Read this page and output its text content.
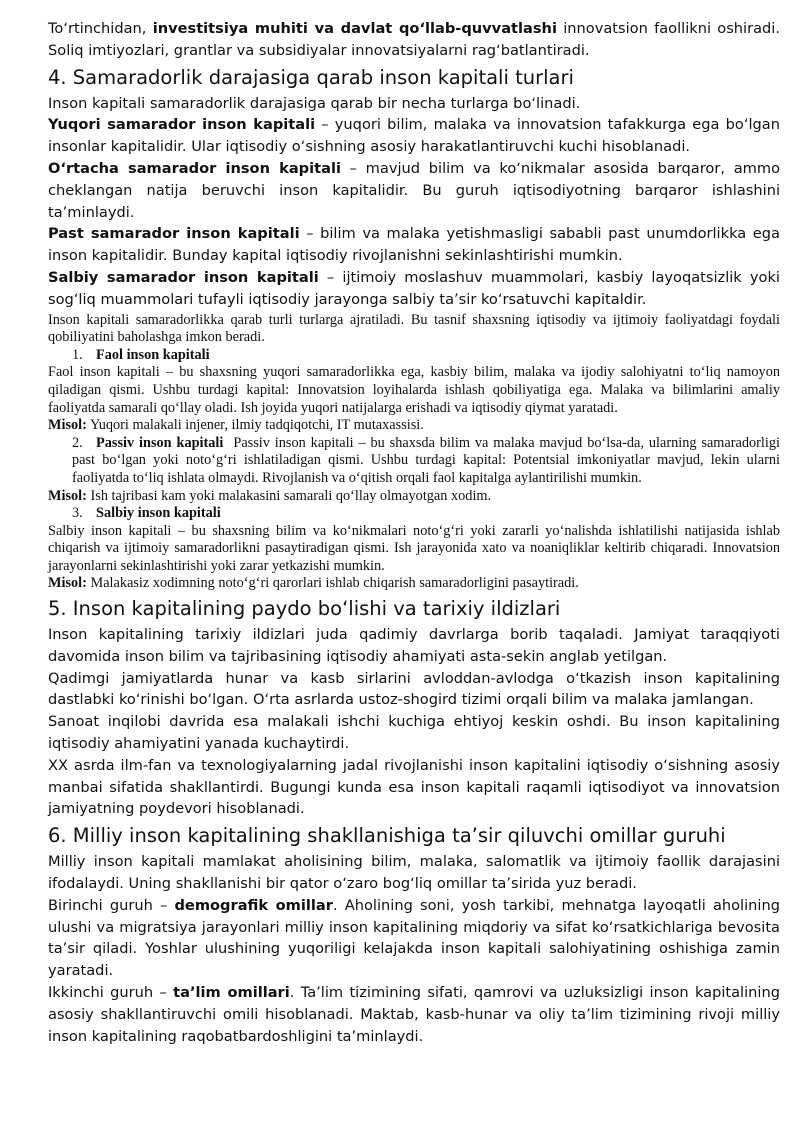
To‘rtinchidan, investitsiya muhiti va davlat qo‘llab-quvvatlashi innovatsion faollikni oshiradi. Soliq imtiyozlari, grantlar va subsidiyalar innovatsiyalarni rag‘batlantiradi.

4. Samaradorlik darajasiga qarab inson kapitali turlari

Inson kapitali samaradorlik darajasiga qarab bir necha turlarga bo‘linadi.

Yuqori samarador inson kapitali – yuqori bilim, malaka va innovatsion tafakkurga ega bo‘lgan insonlar kapitalidir. Ular iqtisodiy o‘sishning asosiy harakatlantiruvchi kuchi hisoblanadi.

O‘rtacha samarador inson kapitali – mavjud bilim va ko‘nikmalar asosida barqaror, ammo cheklangan natija beruvchi inson kapitalidir. Bu guruh iqtisodiyotning barqaror ishlashini ta’minlaydi.

Past samarador inson kapitali – bilim va malaka yetishmasligi sababli past unumdorlikka ega inson kapitalidir. Bunday kapital iqtisodiy rivojlanishni sekinlashtirishi mumkin.

Salbiy samarador inson kapitali – ijtimoiy moslashuv muammolari, kasbiy layoqatsizlik yoki sog‘liq muammolari tufayli iqtisodiy jarayonga salbiy ta’sir ko‘rsatuvchi kapitaldir.

Inson kapitali samaradorlikka qarab turli turlarga ajratiladi. Bu tasnif shaxsning iqtisodiy va ijtimoiy faoliyatdagi foydali qobiliyatini baholashga imkon beradi.

1. Faol inson kapitali

Faol inson kapitali – bu shaxsning yuqori samaradorlikka ega, kasbiy bilim, malaka va ijodiy salohiyatni to‘liq namoyon qiladigan qismi. Ushbu turdagi kapital: Innovatsion loyihalarda ishlash qobiliyatiga ega. Malaka va bilimlarini amaliy faoliyatda samarali qo‘llay oladi. Ish joyida yuqori natijalarga erishadi va iqtisodiy qiymat yaratadi.

Misol: Yuqori malakali injener, ilmiy tadqiqotchi, IT mutaxassisi.

2. Passiv inson kapitali Passiv inson kapitali – bu shaxsda bilim va malaka mavjud bo‘lsa-da, ularning samaradorligi past bo‘lgan yoki noto‘g‘ri ishlatiladigan qismi. Ushbu turdagi kapital: Potentsial imkoniyatlar mavjud, lekin ularni faoliyatda to‘liq ishlata olmaydi. Rivojlanish va o‘qitish orqali faol kapitalga aylantirilishi mumkin.

Misol: Ish tajribasi kam yoki malakasini samarali qo‘llay olmayotgan xodim.

3. Salbiy inson kapitali

Salbiy inson kapitali – bu shaxsning bilim va ko‘nikmalari noto‘g‘ri yoki zararli yo‘nalishda ishlatilishi natijasida ishlab chiqarish va ijtimoiy samaradorlikni pasaytiradigan qismi. Ish jarayonida xato va noaniqliklar keltirib chiqaradi. Innovatsion jarayonlarni sekinlashtirishi yoki zarar yetkazishi mumkin.

Misol: Malakasiz xodimning noto‘g‘ri qarorlari ishlab chiqarish samaradorligini pasaytiradi.

5. Inson kapitalining paydo bo‘lishi va tarixiy ildizlari

Inson kapitalining tarixiy ildizlari juda qadimiy davrlarga borib taqaladi. Jamiyat taraqqiyoti davomida inson bilim va tajribasining iqtisodiy ahamiyati asta-sekin anglab yetilgan.

Qadimgi jamiyatlarda hunar va kasb sirlarini avloddan-avlodga o‘tkazish inson kapitalining dastlabki ko‘rinishi bo‘lgan. O‘rta asrlarda ustoz-shogird tizimi orqali bilim va malaka jamlangan.

Sanoat inqilobi davrida esa malakali ishchi kuchiga ehtiyoj keskin oshdi. Bu inson kapitalining iqtisodiy ahamiyatini yanada kuchaytirdi.

XX asrda ilm-fan va texnologiyalarning jadal rivojlanishi inson kapitalini iqtisodiy o‘sishning asosiy manbai sifatida shakllantirdi. Bugungi kunda esa inson kapitali raqamli iqtisodiyot va innovatsion jamiyatning poydevori hisoblanadi.

6. Milliy inson kapitalining shakllanishiga ta’sir qiluvchi omillar guruhi

Milliy inson kapitali mamlakat aholisining bilim, malaka, salomatlik va ijtimoiy faollik darajasini ifodalaydi. Uning shakllanishi bir qator o‘zaro bog‘liq omillar ta’sirida yuz beradi.

Birinchi guruh – demografik omillar. Aholining soni, yosh tarkibi, mehnatga layoqatli aholining ulushi va migratsiya jarayonlari milliy inson kapitalining miqdoriy va sifat ko‘rsatkichlariga bevosita ta’sir qiladi. Yoshlar ulushining yuqoriligi kelajakda inson kapitali salohiyatining oshishiga zamin yaratadi.

Ikkinchi guruh – ta’lim omillari. Ta’lim tizimining sifati, qamrovi va uzluksizligi inson kapitalining asosiy shakllantiruvchi omili hisoblanadi. Maktab, kasb-hunar va oliy ta’lim tizimining rivoji milliy inson kapitalining raqobatbardoshligini ta’minlaydi.
